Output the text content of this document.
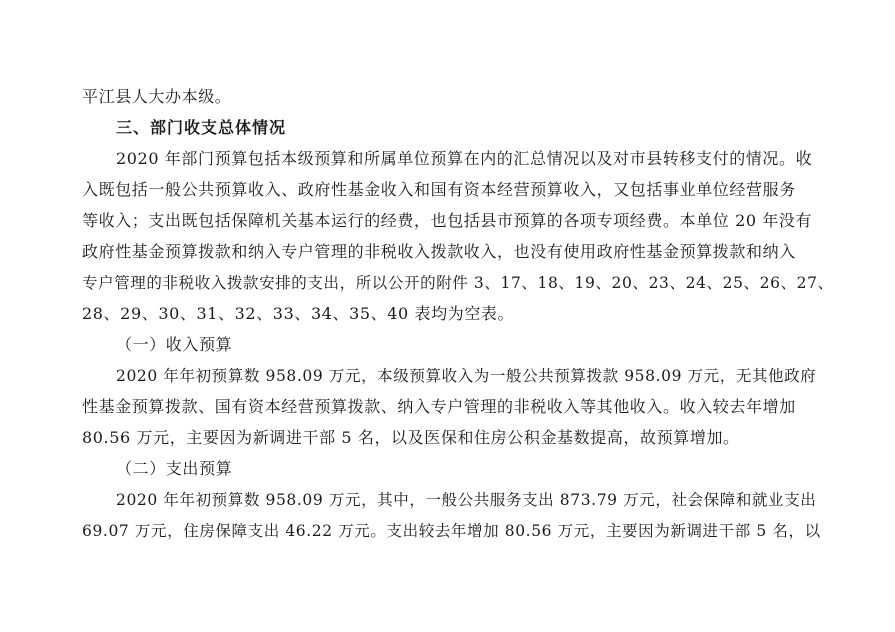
平江县人大办本级。
三、部门收支总体情况
2020 年部门预算包括本级预算和所属单位预算在内的汇总情况以及对市县转移支付的情况。收
入既包括一般公共预算收入、政府性基金收入和国有资本经营预算收入，又包括事业单位经营服务
等收入；支出既包括保障机关基本运行的经费，也包括县市预算的各项专项经费。本单位 20 年没有
政府性基金预算拨款和纳入专户管理的非税收入拨款收入，也没有使用政府性基金预算拨款和纳入
专户管理的非税收入拨款安排的支出，所以公开的附件 3、17、18、19、20、23、24、25、26、27、
28、29、30、31、32、33、34、35、40 表均为空表。
（一）收入预算
2020 年年初预算数 958.09 万元，本级预算收入为一般公共预算拨款 958.09 万元，无其他政府
性基金预算拨款、国有资本经营预算拨款、纳入专户管理的非税收入等其他收入。收入较去年增加
80.56 万元，主要因为新调进干部 5 名，以及医保和住房公积金基数提高，故预算增加。
（二）支出预算
2020 年年初预算数 958.09 万元，其中，一般公共服务支出 873.79 万元，社会保障和就业支出
69.07 万元，住房保障支出 46.22 万元。支出较去年增加 80.56 万元，主要因为新调进干部 5 名，以
